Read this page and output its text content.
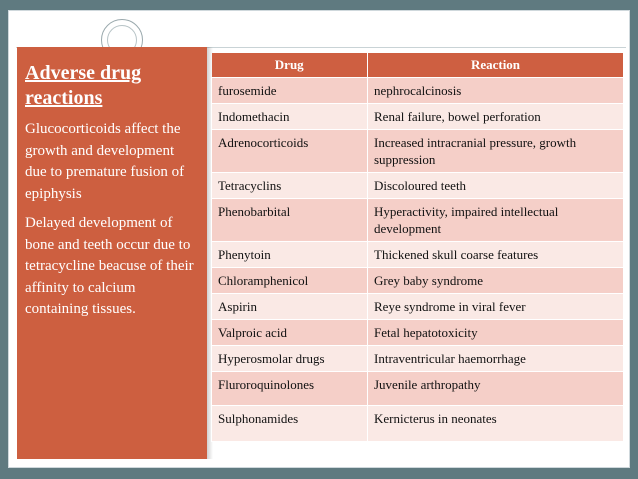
Adverse drug reactions
Glucocorticoids affect the growth and development due to premature fusion of epiphysis
Delayed development of bone and teeth occur due to tetracycline beacuse of their affinity to calcium containing tissues.
Drug	Reaction
furosemide	nephrocalcinosis
Indomethacin	Renal failure, bowel perforation
Adrenocorticoids	Increased intracranial pressure, growth suppression
Tetracyclins	Discoloured teeth
Phenobarbital	Hyperactivity, impaired intellectual development
Phenytoin	Thickened skull coarse features
Chloramphenicol	Grey baby syndrome
Aspirin	Reye syndrome in viral fever
Valproic acid	Fetal hepatotoxicity
Hyperosmolar drugs	Intraventricular haemorrhage
Fluroroquinolones	Juvenile arthropathy
Sulphonamides	Kernicterus in neonates
